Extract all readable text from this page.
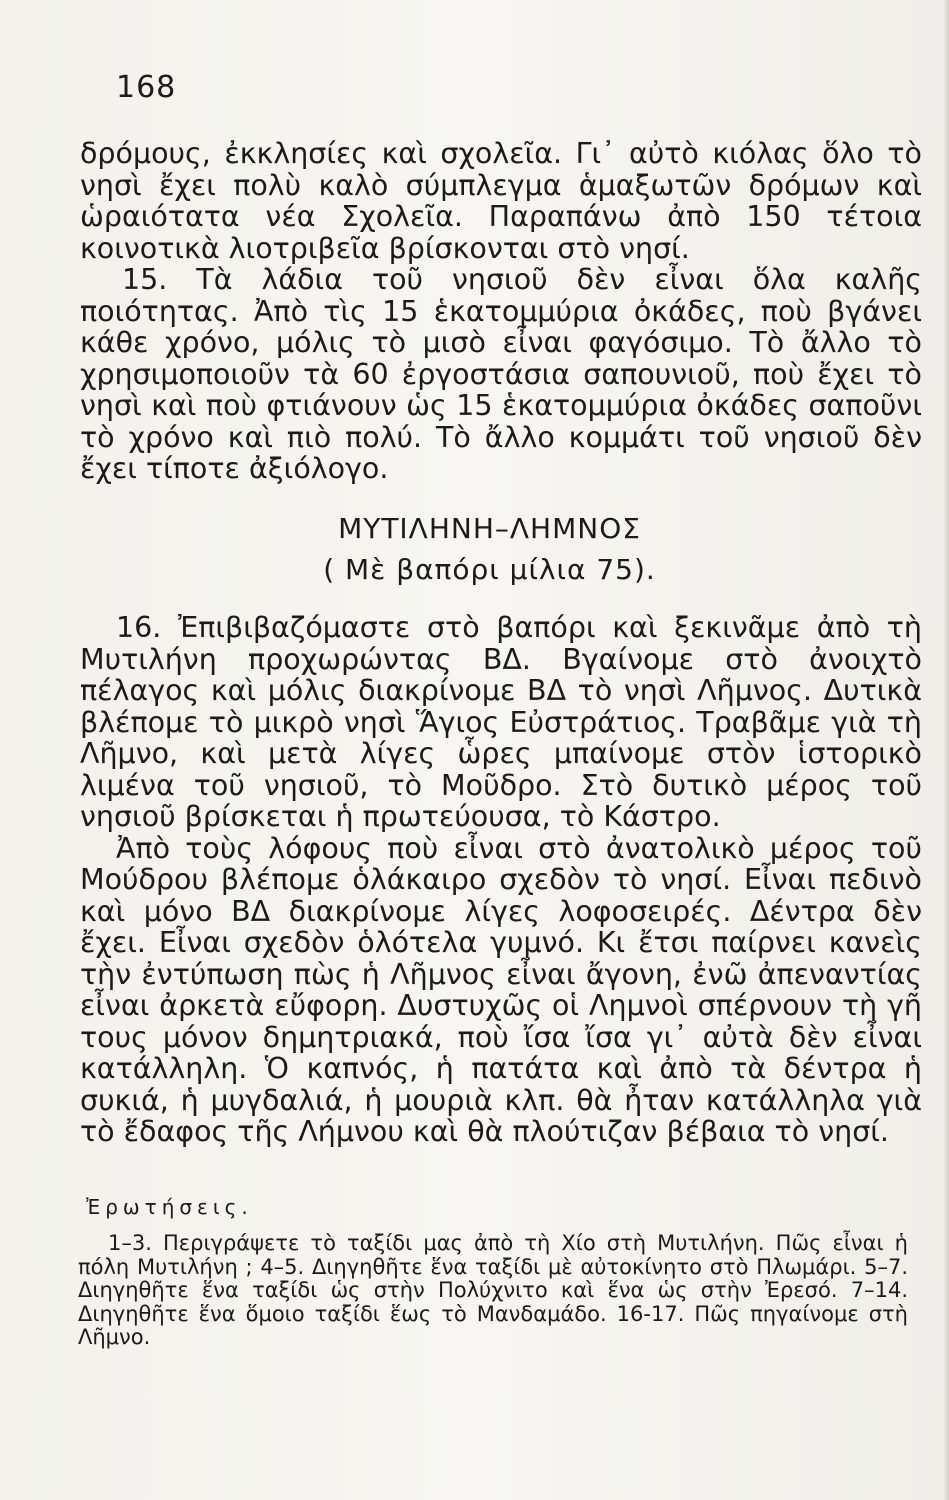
168

δρόμους, ἐκκλησίες καὶ σχολεῖα. Γι᾽ αὐτὸ κιόλας ὅλο τὸ νησὶ ἔχει πολὺ καλὸ σύμπλεγμα ἁμαξωτῶν δρόμων καὶ ὡραιότατα νέα Σχολεῖα. Παραπάνω ἀπὸ 150 τέτοια κοινοτικὰ λιοτριβεῖα βρίσκονται στὸ νησί.

15. Τὰ λάδια τοῦ νησιοῦ δὲν εἶναι ὅλα καλῆς ποιότητας. Ἀπὸ τὶς 15 ἑκατομμύρια ὀκάδες, ποὺ βγάνει κάθε χρόνο, μόλις τὸ μισὸ εἶναι φαγόσιμο. Τὸ ἄλλο τὸ χρησιμοποιοῦν τὰ 60 ἐργοστάσια σαπουνιοῦ, ποὺ ἔχει τὸ νησὶ καὶ ποὺ φτιάνουν ὡς 15 ἑκατομμύρια ὀκάδες σαποῦνι τὸ χρόνο καὶ πιὸ πολύ. Τὸ ἄλλο κομμάτι τοῦ νησιοῦ δὲν ἔχει τίποτε ἀξιόλογο.

ΜΥΤΙΛΗΝΗ–ΛΗΜΝΟΣ
( Μὲ βαπόρι μίλια 75).

16. Ἐπιβιβαζόμαστε στὸ βαπόρι καὶ ξεκινᾶμε ἀπὸ τὴ Μυτιλήνη προχωρώντας ΒΔ. Βγαίνομε στὸ ἀνοιχτὸ πέλαγος καὶ μόλις διακρίνομε ΒΔ τὸ νησὶ Λῆμνος. Δυτικὰ βλέπομε τὸ μικρὸ νησὶ Ἅγιος Εὐστράτιος. Τραβᾶμε γιὰ τὴ Λῆμνο, καὶ μετὰ λίγες ὧρες μπαίνομε στὸν ἱστορικὸ λιμένα τοῦ νησιοῦ, τὸ Μοῦδρο. Στὸ δυτικὸ μέρος τοῦ νησιοῦ βρίσκεται ἡ πρωτεύουσα, τὸ Κάστρο.

Ἀπὸ τοὺς λόφους ποὺ εἶναι στὸ ἀνατολικὸ μέρος τοῦ Μούδρου βλέπομε ὁλάκαιρο σχεδὸν τὸ νησί. Εἶναι πεδινὸ καὶ μόνο ΒΔ διακρίνομε λίγες λοφοσειρές. Δέντρα δὲν ἔχει. Εἶναι σχεδὸν ὁλότελα γυμνό. Κι ἔτσι παίρνει κανεὶς τὴν ἐντύπωση πὼς ἡ Λῆμνος εἶναι ἄγονη, ἐνῶ ἀπεναντίας εἶναι ἀρκετὰ εὔφορη. Δυστυχῶς οἱ Λημνοὶ σπέρνουν τὴ γῆ τους μόνον δημητριακά, ποὺ ἴσα ἴσα γι᾽ αὐτὰ δὲν εἶναι κατάλληλη. Ὁ καπνός, ἡ πατάτα καὶ ἀπὸ τὰ δέντρα ἡ συκιά, ἡ μυγδαλιά, ἡ μουριὰ κλπ. θὰ ἦταν κατάλληλα γιὰ τὸ ἔδαφος τῆς Λήμνου καὶ θὰ πλούτιζαν βέβαια τὸ νησί.

Ἐρωτήσεις.

1–3. Περιγράψετε τὸ ταξίδι μας ἀπὸ τὴ Χίο στὴ Μυτιλήνη. Πῶς εἶναι ἡ πόλη Μυτιλήνη ; 4–5. Διηγηθῆτε ἕνα ταξίδι μὲ αὐτοκίνητο στὸ Πλωμάρι. 5–7. Διηγηθῆτε ἕνα ταξίδι ὡς στὴν Πολύχνιτο καὶ ἕνα ὡς στὴν Ἐρεσό. 7–14. Διηγηθῆτε ἕνα ὅμοιο ταξίδι ἕως τὸ Μανδαμάδο. 16-17. Πῶς πηγαίνομε στὴ Λῆμνο.
